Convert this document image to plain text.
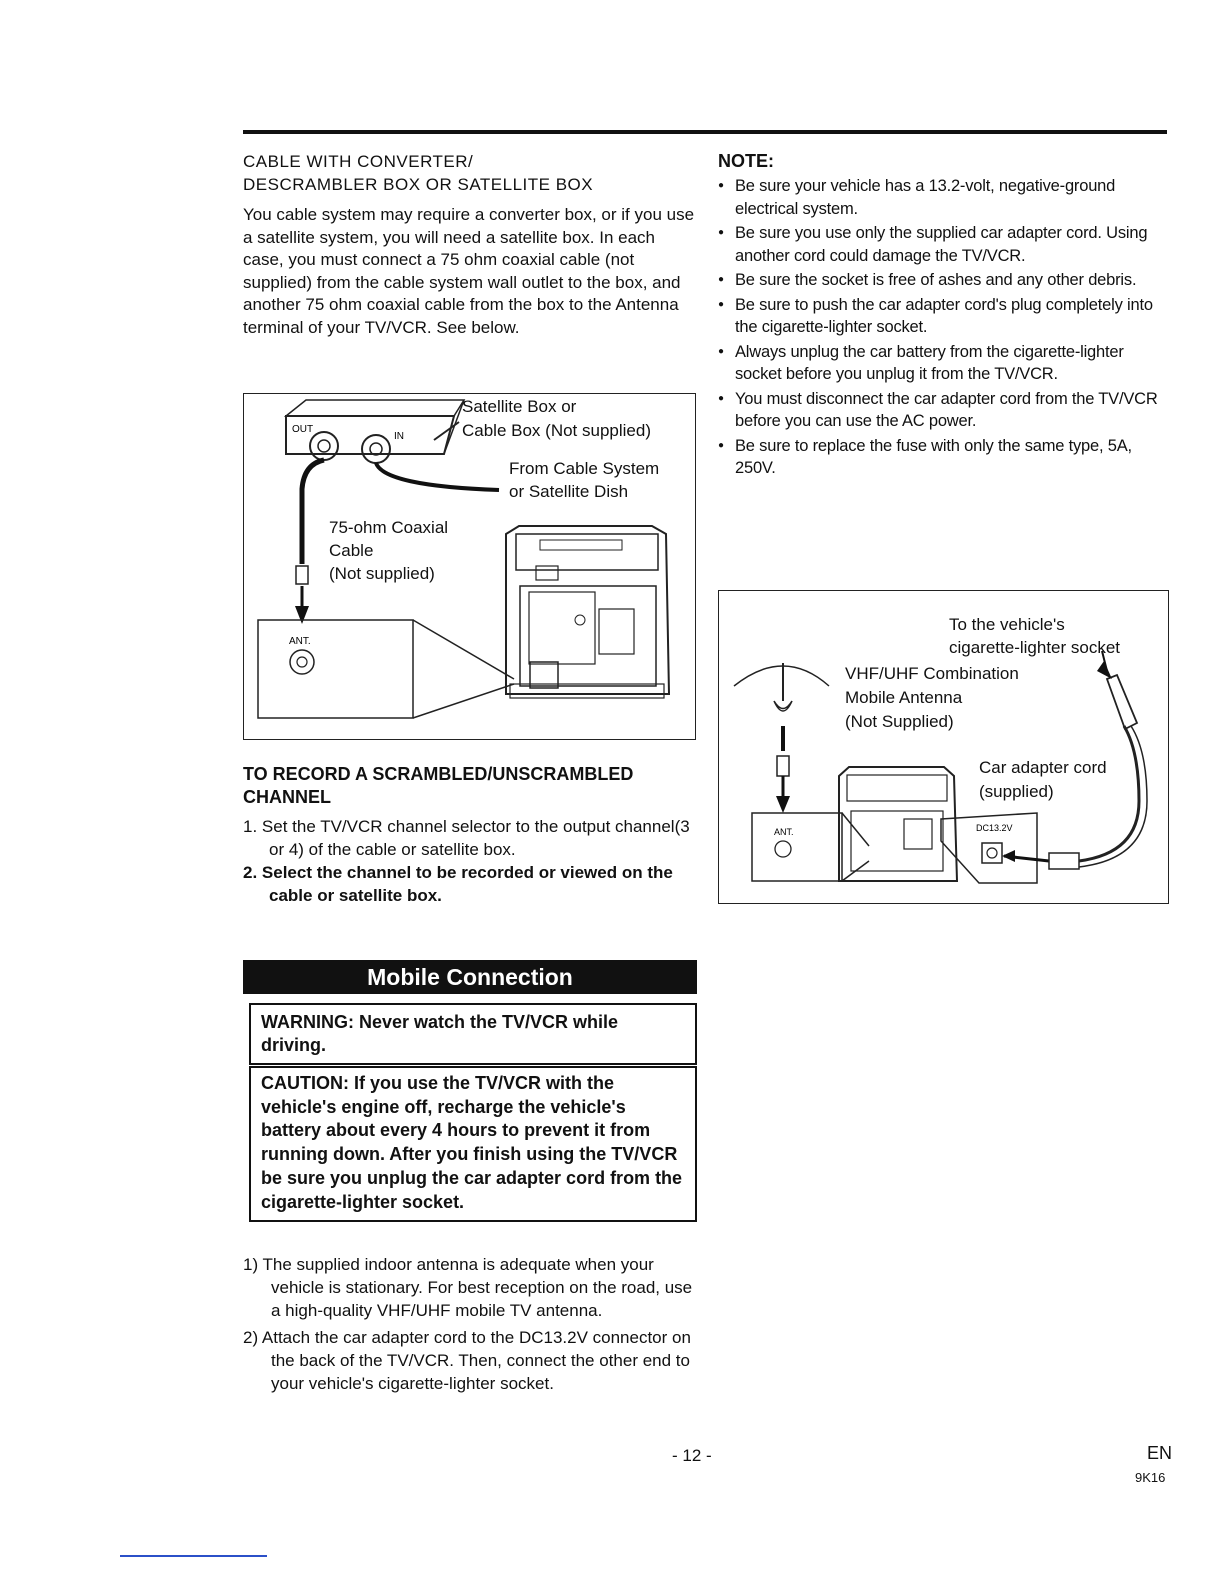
CABLE WITH CONVERTER/
DESCRAMBLER BOX OR SATELLITE BOX

You cable system may require a converter box, or if you use a satellite system, you will need a satellite box. In each case, you must connect a 75 ohm coaxial cable (not supplied) from the cable system wall outlet to the box, and another 75 ohm coaxial cable from the box to the Antenna terminal of your TV/VCR. See below.

OUT
IN
ANT.
Satellite Box or
Cable Box (Not supplied)
From Cable System
or Satellite Dish
75-ohm Coaxial
Cable
(Not supplied)
TO RECORD A SCRAMBLED/UNSCRAMBLED
CHANNEL
1. Set the TV/VCR channel selector to the output channel(3 or 4) of the cable or satellite box.
2. Select the channel to be recorded or viewed on the cable or satellite box.
NOTE:
● Be sure your vehicle has a 13.2-volt, negative-ground electrical system.
● Be sure you use only the supplied car adapter cord. Using another cord could damage the TV/VCR.
● Be sure the socket is free of ashes and any other debris.
● Be sure to push the car adapter cord's plug completely into the cigarette-lighter socket.
● Always unplug the car battery from the cigarette-lighter socket before you unplug it from the TV/VCR.
● You must disconnect the car adapter cord from the TV/VCR before you can use the AC power.
● Be sure to replace the fuse with only the same type, 5A, 250V.
ANT.	DC13.2V
To the vehicle's
cigarette-lighter socket
VHF/UHF Combination
Mobile Antenna
(Not Supplied)
Car adapter cord
(supplied)
Mobile Connection
WARNING: Never watch the TV/VCR while driving.
CAUTION: If you use the TV/VCR with the vehicle's engine off, recharge the vehicle's battery about every 4 hours to prevent it from running down. After you finish using the TV/VCR be sure you unplug the car adapter cord from the cigarette-lighter socket.
1) The supplied indoor antenna is adequate when your vehicle is stationary. For best reception on the road, use a high-quality VHF/UHF mobile TV antenna.
2) Attach the car adapter cord to the DC13.2V connector on the back of the TV/VCR. Then, connect the other end to your vehicle's cigarette-lighter socket.
- 12 -	EN
9K16
